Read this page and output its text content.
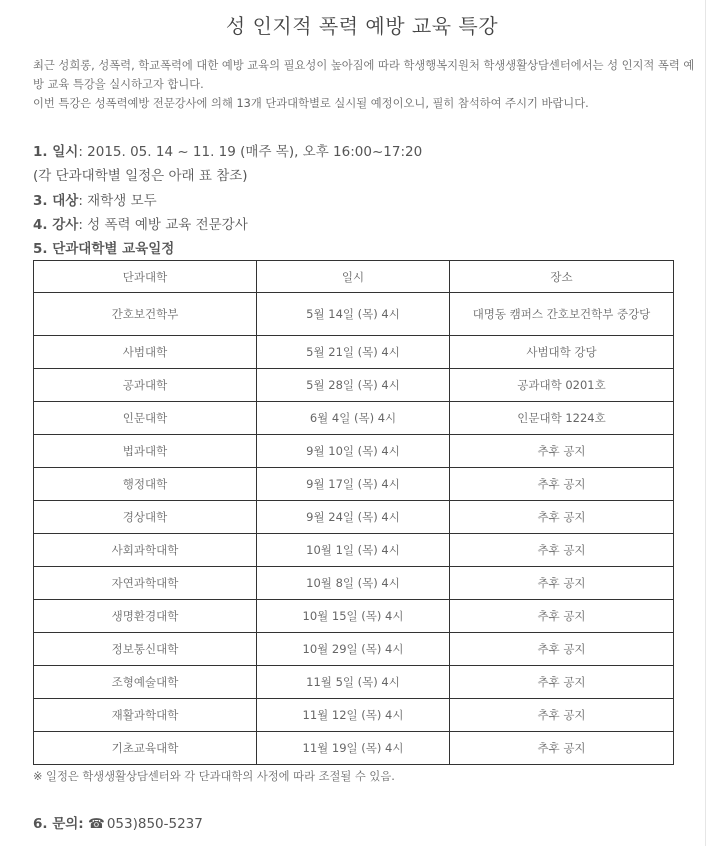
성 인지적 폭력 예방 교육 특강

최근 성희롱, 성폭력, 학교폭력에 대한 예방 교육의 필요성이 높아짐에 따라 학생행복지원처 학생생활상담센터에서는 성 인지적 폭력 예방 교육 특강을 실시하고자 합니다.

이번 특강은 성폭력예방 전문강사에 의해 13개 단과대학별로 실시될 예정이오니, 필히 참석하여 주시기 바랍니다.

1. 일시: 2015. 05. 14 ~ 11. 19 (매주 목), 오후 16:00~17:20
(각 단과대학별 일정은 아래 표 참조)
3. 대상: 재학생 모두
4. 강사: 성 폭력 예방 교육 전문강사
5. 단과대학별 교육일정
단과대학	일시	장소
간호보건학부	5월 14일 (목) 4시	대명동 캠퍼스 간호보건학부 중강당
사범대학	5월 21일 (목) 4시	사범대학 강당
공과대학	5월 28일 (목) 4시	공과대학 0201호
인문대학	6월 4일 (목) 4시	인문대학 1224호
법과대학	9월 10일 (목) 4시	추후 공지
행정대학	9월 17일 (목) 4시	추후 공지
경상대학	9월 24일 (목) 4시	추후 공지
사회과학대학	10월 1일 (목) 4시	추후 공지
자연과학대학	10월 8일 (목) 4시	추후 공지
생명환경대학	10월 15일 (목) 4시	추후 공지
정보통신대학	10월 29일 (목) 4시	추후 공지
조형예술대학	11월 5일 (목) 4시	추후 공지
재활과학대학	11월 12일 (목) 4시	추후 공지
기초교육대학	11월 19일 (목) 4시	추후 공지
※ 일정은 학생생활상담센터와 각 단과대학의 사정에 따라 조절될 수 있음.
6. 문의: ☎ 053)850-5237
